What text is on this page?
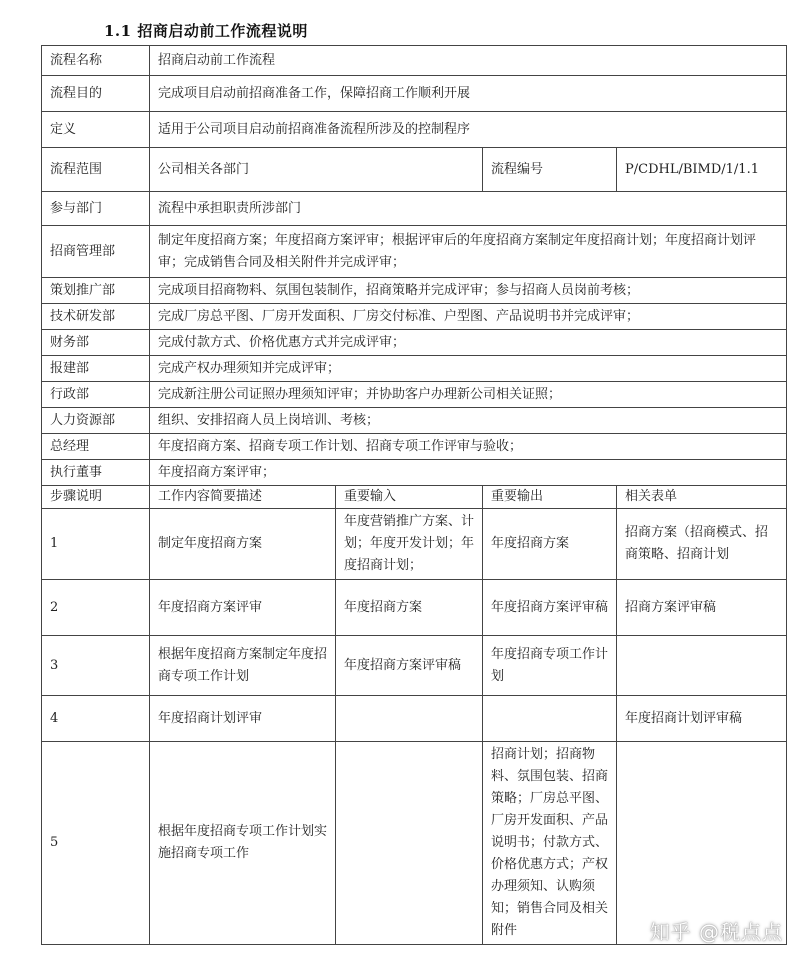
1.1 招商启动前工作流程说明
流程名称	招商启动前工作流程			
流程目的	完成项目启动前招商准备工作，保障招商工作顺利开展			
定义	适用于公司项目启动前招商准备流程所涉及的控制程序			
流程范围	公司相关各部门		流程编号	P/CDHL/BIMD/1/1.1
参与部门	流程中承担职责所涉部门			
招商管理部	制定年度招商方案；年度招商方案评审；根据评审后的年度招商方案制定年度招商计划；年度招商计划评审；完成销售合同及相关附件并完成评审；			
策划推广部	完成项目招商物料、氛围包装制作，招商策略并完成评审；参与招商人员岗前考核；			
技术研发部	完成厂房总平图、厂房开发面积、厂房交付标准、户型图、产品说明书并完成评审；			
财务部	完成付款方式、价格优惠方式并完成评审；			
报建部	完成产权办理须知并完成评审；			
行政部	完成新注册公司证照办理须知评审；并协助客户办理新公司相关证照；			
人力资源部	组织、安排招商人员上岗培训、考核；			
总经理	年度招商方案、招商专项工作计划、招商专项工作评审与验收；			
执行董事	年度招商方案评审；			
步骤说明	工作内容简要描述	重要输入	重要输出	相关表单
1	制定年度招商方案	年度营销推广方案、计划；年度开发计划；年度招商计划；	年度招商方案	招商方案（招商模式、招商策略、招商计划
2	年度招商方案评审	年度招商方案	年度招商方案评审稿	招商方案评审稿
3	根据年度招商方案制定年度招商专项工作计划	年度招商方案评审稿	年度招商专项工作计划	
4	年度招商计划评审			年度招商计划评审稿
5	根据年度招商专项工作计划实施招商专项工作		招商计划；招商物料、氛围包装、招商策略；厂房总平图、厂房开发面积、产品说明书；付款方式、价格优惠方式；产权办理须知、认购须知；销售合同及相关附件		知乎 @税点点
